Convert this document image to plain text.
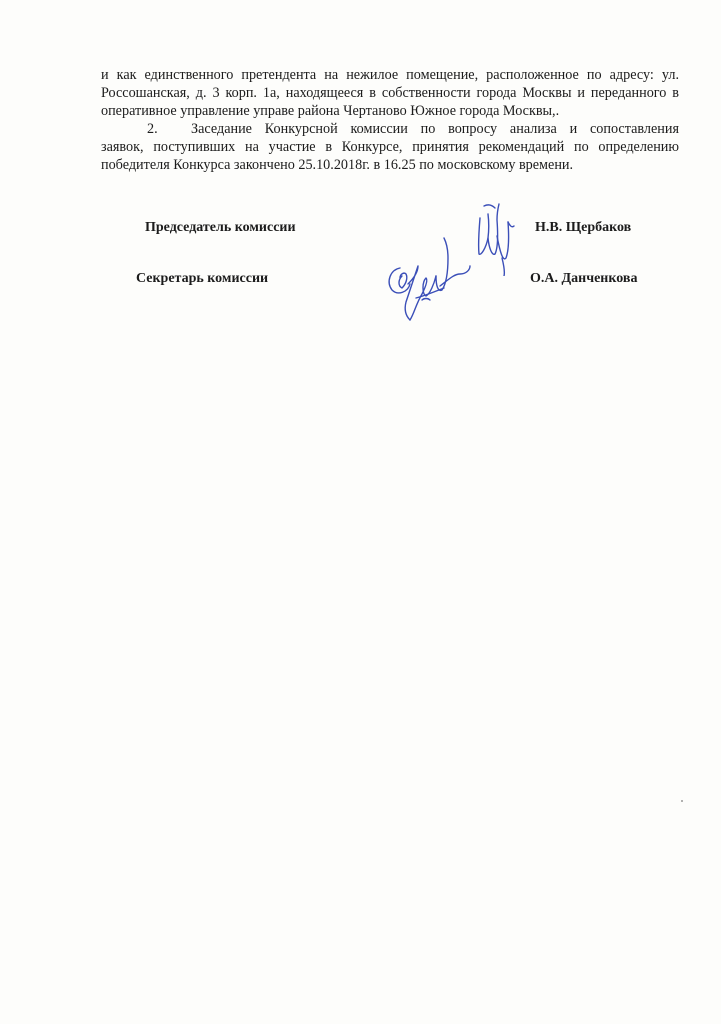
и как единственного претендента на нежилое помещение, расположенное по адресу: ул.
Россошанская, д. 3 корп. 1а, находящееся в собственности города Москвы и переданного в
оперативное управление управе района Чертаново Южное города Москвы,.
2. Заседание Конкурсной комиссии по вопросу анализа и сопоставления
заявок, поступивших на участие в Конкурсе, принятия рекомендаций по определению
победителя Конкурса закончено 25.10.2018г. в 16.25 по московскому времени.
Председатель комиссии	Н.В. Щербаков
Секретарь комиссии	О.А. Данченкова
